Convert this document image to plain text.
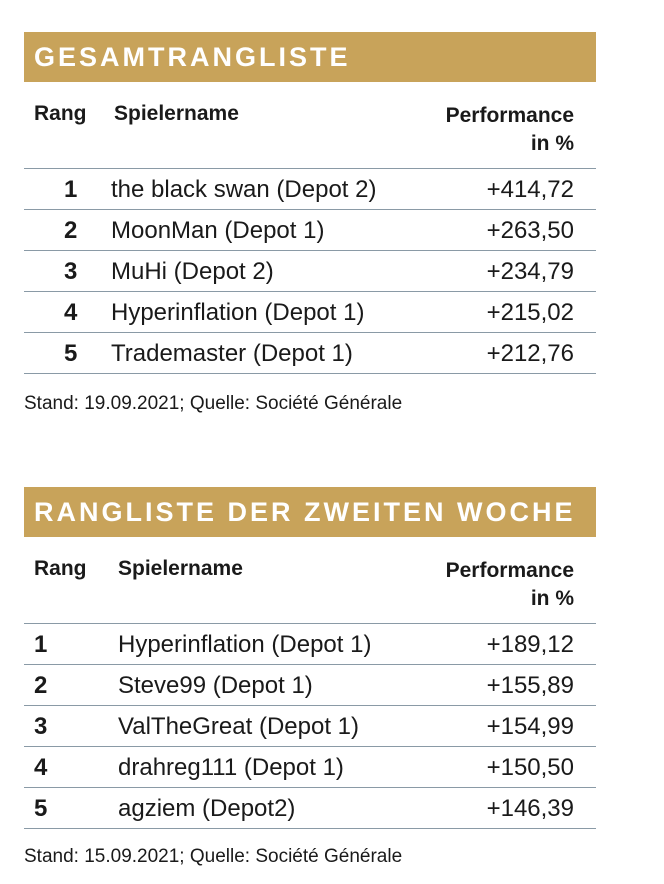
GESAMTRANGLISTE
Rang Spielername	Performance
in %
1 the black swan (Depot 2)	+414,72
2 MoonMan (Depot 1)	+263,50
3 MuHi (Depot 2)	+234,79
4 Hyperinflation (Depot 1)	+215,02
5 Trademaster (Depot 1)	+212,76
Stand: 19.09.2021; Quelle: Société Générale
RANGLISTE DER ZWEITEN WOCHE
Rang Spielername	Performance
in %
1	Hyperinflation (Depot 1)	+189,12
2	Steve99 (Depot 1)	+155,89
3	ValTheGreat (Depot 1)	+154,99
4	drahreg111 (Depot 1)	+150,50
5	agziem (Depot2)	+146,39
Stand: 15.09.2021; Quelle: Société Générale
